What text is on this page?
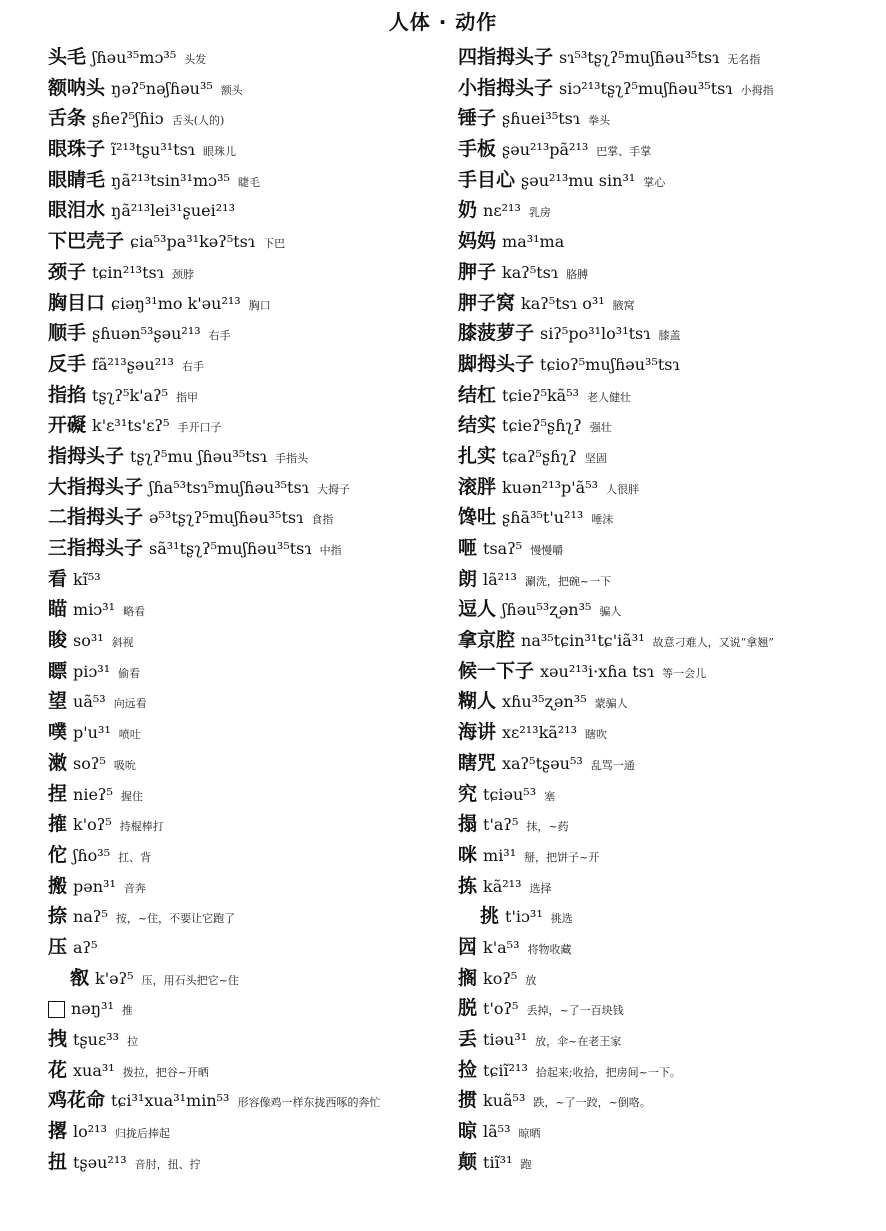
人体 · 动作
头毛 ʃɦəu³⁵mɔ³⁵ 头发
额呐头 ŋəʔ⁵nəʃɦəu³⁵ 额头
舌条 ʂɦeʔ⁵ʃɦiɔ 舌头(人的)
眼珠子 ĩ²¹³tʂu³¹tsɿ 眼珠儿
眼睛毛 ŋã²¹³tsin³¹mɔ³⁵ 睫毛
眼泪水 ŋã²¹³lei³¹ʂuei²¹³
下巴壳子 ɕia⁵³pa³¹kəʔ⁵tsɿ 下巴
颈子 tɕin²¹³tsɿ 颈脖
胸目口 ɕiəŋ³¹mo k'əu²¹³ 胸口
顺手 ʂɦuən⁵³ʂəu²¹³ 右手
反手 fã²¹³ʂəu²¹³ 右手
指掐 tʂʅʔ⁵k'aʔ⁵ 指甲
开礙 k'ɛ³¹ts'ɛʔ⁵ 手开口子
指拇头子 tʂʅʔ⁵mu ʃɦəu³⁵tsɿ 手指头
大指拇头子 ʃɦa⁵³tsɿ⁵muʃɦəu³⁵tsɿ 大拇子
二指拇头子 ə⁵³tʂʅʔ⁵muʃɦəu³⁵tsɿ 食指
三指拇头子 sã³¹tʂʅʔ⁵muʃɦəu³⁵tsɿ 中指
看 kĩ⁵³
瞄 miɔ³¹ 略看
睃 so³¹ 斜视
瞟 piɔ³¹ 偷看
望 uã⁵³ 向远看
噗 p'u³¹ 喷吐
潄 soʔ⁵ 吸吮
捏 nieʔ⁵ 握住
搉 k'oʔ⁵ 持棍棒打
佗 ʃɦo³⁵ 扛、背
搬 pən³¹ 音奔
捺 naʔ⁵ 按，~住，不要让它跑了
压 aʔ⁵
㕡 k'əʔ⁵ 压，用石头把它~住
nəŋ³¹ 推
拽 tʂuɛ³³ 拉
花 xua³¹ 拨拉，把谷~开晒
鸡花命 tɕi³¹xua³¹min⁵³ 形容像鸡一样东拢西啄的奔忙
撂 lo²¹³ 归拢后捧起
扭 tʂəu²¹³ 音肘，扭、拧
四指拇头子 sɿ⁵³tʂʅʔ⁵muʃɦəu³⁵tsɿ 无名指
小指拇头子 siɔ²¹³tʂʅʔ⁵muʃɦəu³⁵tsɿ 小拇指
锤子 ʂɦuei³⁵tsɿ 拳头
手板 ʂəu²¹³pã²¹³ 巴掌、手掌
手目心 ʂəu²¹³mu sin³¹ 掌心
奶 nɛ²¹³ 乳房
妈妈 ma³¹ma
胛子 kaʔ⁵tsɿ 胳膊
胛子窝 kaʔ⁵tsɿ o³¹ 腋窝
膝菠萝子 siʔ⁵po³¹lo³¹tsɿ 膝盖
脚拇头子 tɕioʔ⁵muʃɦəu³⁵tsɿ
结杠 tɕieʔ⁵kã⁵³ 老人健壮
结实 tɕieʔ⁵ʂɦʅʔ 强壮
扎实 tɕaʔ⁵ʂɦʅʔ 坚固
滚胖 kuən²¹³p'ã⁵³ 人很胖
馋吐 ʂɦã³⁵t'u²¹³ 唾沫
咂 tsaʔ⁵ 慢慢嚼
朗 lã²¹³ 涮洗，把碗~一下
逗人 ʃɦəu⁵³ʐən³⁵ 骗人
拿京腔 na³⁵tɕin³¹tɕ'iã³¹ 故意刁难人，又说“拿翘”
候一下子 xəu²¹³i·xɦa tsɿ 等一会儿
糊人 xɦu³⁵ʐən³⁵ 蒙骗人
海讲 xɛ²¹³kã²¹³ 瞎吹
瞎咒 xaʔ⁵tʂəu⁵³ 乱骂一通
究 tɕiəu⁵³ 塞
搨 t'aʔ⁵ 抹，~药
咪 mi³¹ 掰，把饼子~开
拣 kã²¹³ 选择
挑 t'iɔ³¹ 挑选
囥 k'a⁵³ 将物收藏
搁 koʔ⁵ 放
脱 t'oʔ⁵ 丢掉，~了一百块钱
丢 tiəu³¹ 放，伞~在老王家
捡 tɕiĩ²¹³ 拾起来;收拾，把房间~一下。
掼 kuã⁵³ 跌，~了一跤，~倒咯。
晾 lã⁵³ 晾晒
颠 tiĩ³¹ 跑
